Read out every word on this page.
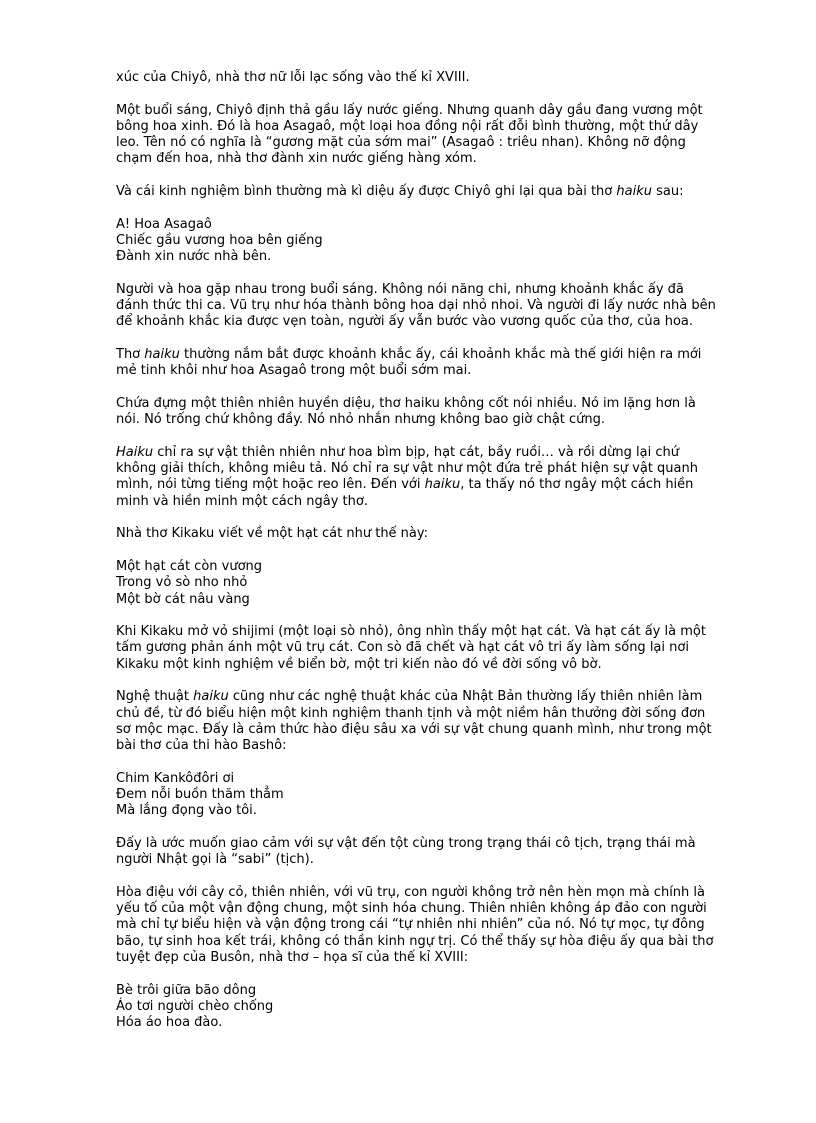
xúc của Chiyô, nhà thơ nữ lỗi lạc sống vào thế kỉ XVIII.
Một buổi sáng, Chiyô định thả gầu lấy nước giếng. Nhưng quanh dây gầu đang vương một
bông hoa xinh. Đó là hoa Asagaô, một loại hoa đồng nội rất đỗi bình thường, một thứ dây
leo. Tên nó có nghĩa là “gương mặt của sớm mai” (Asagaô : triêu nhan). Không nỡ động
chạm đến hoa, nhà thơ đành xin nước giếng hàng xóm.
Và cái kinh nghiệm bình thường mà kì diệu ấy được Chiyô ghi lại qua bài thơ haiku sau:
A! Hoa Asagaô
Chiếc gầu vương hoa bên giếng
Đành xin nước nhà bên.
Người và hoa gặp nhau trong buổi sáng. Không nói năng chi, nhưng khoảnh khắc ấy đã
đánh thức thi ca. Vũ trụ như hóa thành bông hoa dại nhỏ nhoi. Và người đi lấy nước nhà bên
để khoảnh khắc kia được vẹn toàn, người ấy vẫn bước vào vương quốc của thơ, của hoa.
Thơ haiku thường nắm bắt được khoảnh khắc ấy, cái khoảnh khắc mà thế giới hiện ra mới
mẻ tinh khôi như hoa Asagaô trong một buổi sớm mai.
Chứa đựng một thiên nhiên huyền diệu, thơ haiku không cốt nói nhiều. Nó im lặng hơn là
nói. Nó trống chứ không đầy. Nó nhỏ nhắn nhưng không bao giờ chật cứng.
Haiku chỉ ra sự vật thiên nhiên như hoa bìm bịp, hạt cát, bầy ruồi… và rồi dừng lại chứ
không giải thích, không miêu tả. Nó chỉ ra sự vật như một đứa trẻ phát hiện sự vật quanh
mình, nói từng tiếng một hoặc reo lên. Đến với haiku, ta thấy nó thơ ngây một cách hiền
minh và hiền minh một cách ngây thơ.
Nhà thơ Kikaku viết về một hạt cát như thế này:
Một hạt cát còn vương
Trong vỏ sò nho nhỏ
Một bờ cát nâu vàng
Khi Kikaku mở vỏ shijimi (một loại sò nhỏ), ông nhìn thấy một hạt cát. Và hạt cát ấy là một
tấm gương phản ánh một vũ trụ cát. Con sò đã chết và hạt cát vô tri ấy làm sống lại nơi
Kikaku một kinh nghiệm về biển bờ, một tri kiến nào đó về đời sống vô bờ.
Nghệ thuật haiku cũng như các nghệ thuật khác của Nhật Bản thường lấy thiên nhiên làm
chủ đề, từ đó biểu hiện một kinh nghiệm thanh tịnh và một niềm hân thưởng đời sống đơn
sơ mộc mạc. Đấy là cảm thức hào điệu sâu xa với sự vật chung quanh mình, như trong một
bài thơ của thi hào Bashô:
Chim Kankôđôri ơi
Đem nỗi buồn thăm thẳm
Mà lắng đọng vào tôi.
Đấy là ước muốn giao cảm với sự vật đến tột cùng trong trạng thái cô tịch, trạng thái mà
người Nhật gọi là “sabi” (tịch).
Hòa điệu với cây cỏ, thiên nhiên, với vũ trụ, con người không trở nên hèn mọn mà chính là
yếu tố của một vận động chung, một sinh hóa chung. Thiên nhiên không áp đảo con người
mà chỉ tự biểu hiện và vận động trong cái “tự nhiên nhi nhiên” của nó. Nó tự mọc, tự đông
bão, tự sinh hoa kết trái, không có thần kinh ngự trị. Có thể thấy sự hòa điệu ấy qua bài thơ
tuyệt đẹp của Busôn, nhà thơ – họa sĩ của thế kỉ XVIII:
Bè trôi giữa bão dông
Áo tơi người chèo chống
Hóa áo hoa đào.
